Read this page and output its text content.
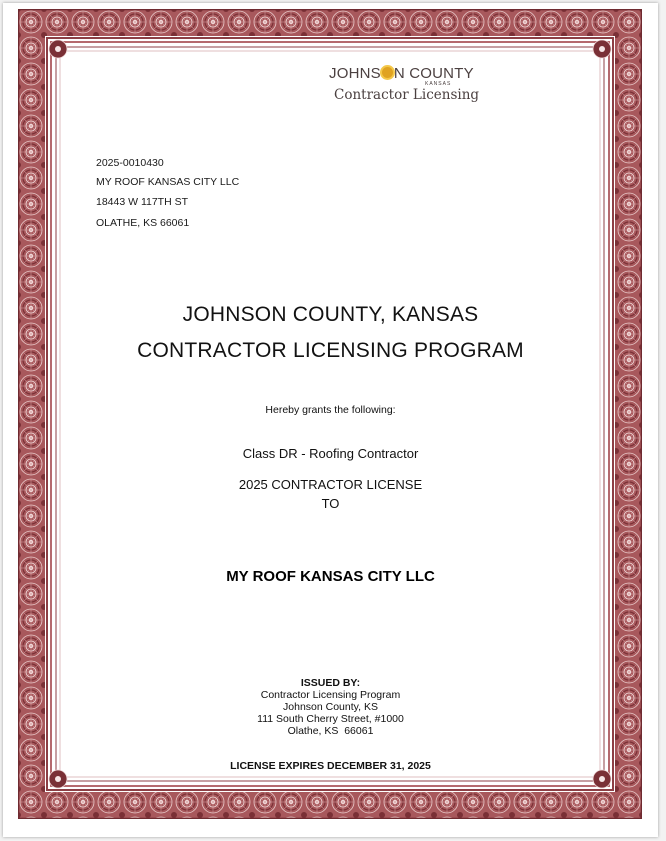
JOHNS N COUNTY
KANSAS
Contractor Licensing
2025-0010430
MY ROOF KANSAS CITY LLC
18443 W 117TH ST
OLATHE, KS 66061
JOHNSON COUNTY, KANSAS
CONTRACTOR LICENSING PROGRAM
Hereby grants the following:
Class DR - Roofing Contractor
2025 CONTRACTOR LICENSE
TO
MY ROOF KANSAS CITY LLC
ISSUED BY:
Contractor Licensing Program
Johnson County, KS
111 South Cherry Street, #1000
Olathe, KS  66061
LICENSE EXPIRES DECEMBER 31, 2025
